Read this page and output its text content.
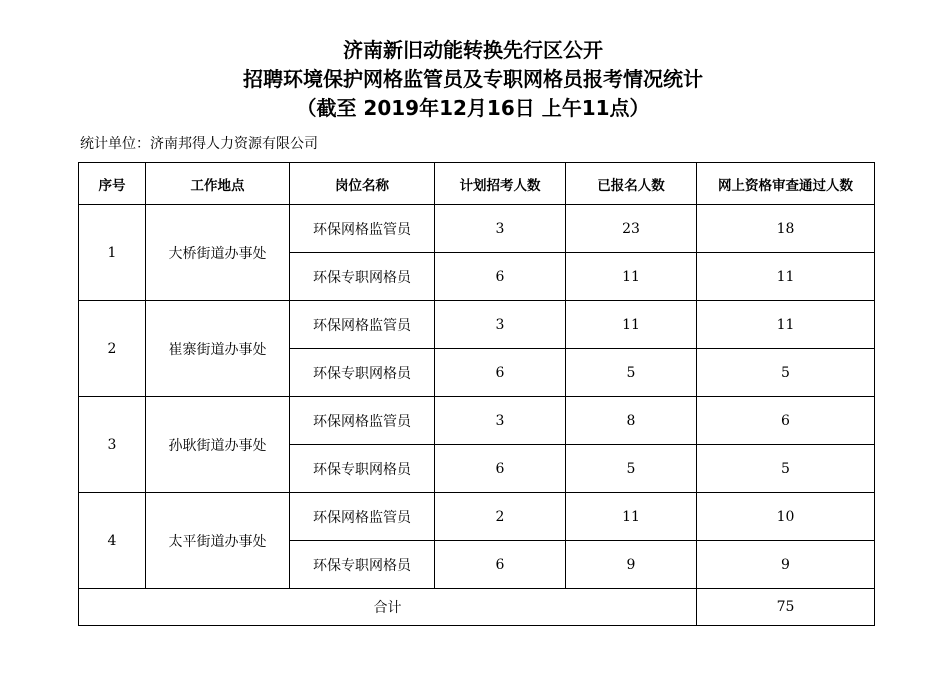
济南新旧动能转换先行区公开
招聘环境保护网格监管员及专职网格员报考情况统计
（截至 2019年12月16日 上午11点）
统计单位：济南邦得人力资源有限公司
序号	工作地点	岗位名称	计划招考人数	已报名人数	网上资格审查通过人数
1	大桥街道办事处	环保网格监管员	3	23	18
		环保专职网格员	6	11	11
2	崔寨街道办事处	环保网格监管员	3	11	11
		环保专职网格员	6	5	5
3	孙耿街道办事处	环保网格监管员	3	8	6
		环保专职网格员	6	5	5
4	太平街道办事处	环保网格监管员	2	11	10
		环保专职网格员	6	9	9
合计					75
